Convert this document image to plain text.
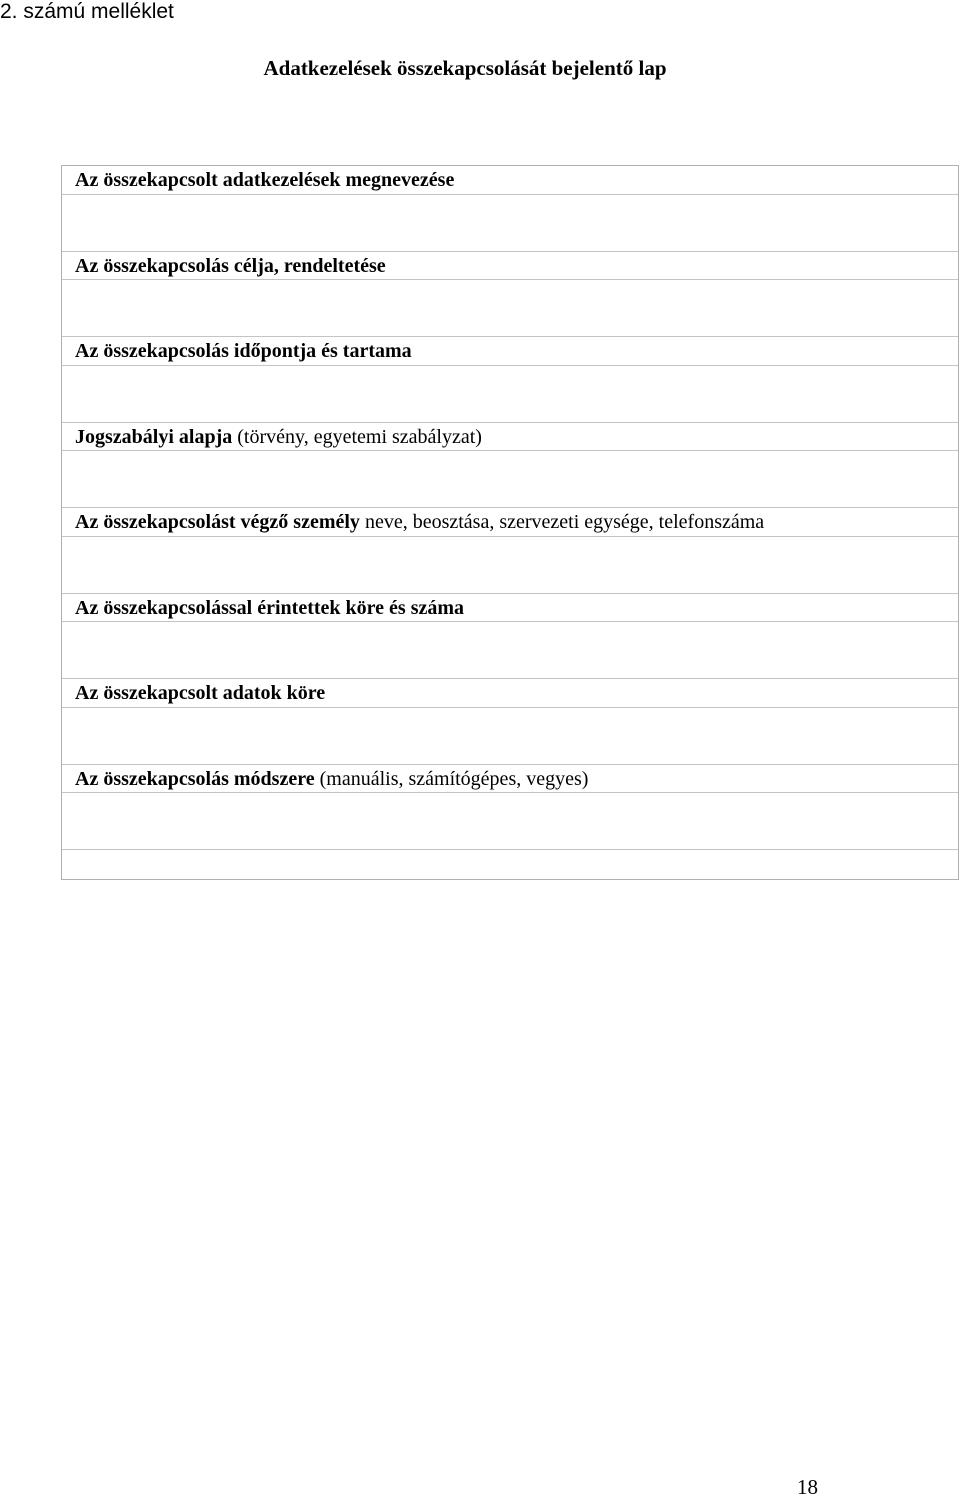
2. számú melléklet
Adatkezelések összekapcsolását bejelentő lap
Az összekapcsolt adatkezelések megnevezése
Az összekapcsolás célja, rendeltetése
Az összekapcsolás időpontja és tartama
Jogszabályi alapja (törvény, egyetemi szabályzat)
Az összekapcsolást végző személy neve, beosztása, szervezeti egysége, telefonszáma
Az összekapcsolással érintettek köre és száma
Az összekapcsolt adatok köre
Az összekapcsolás módszere (manuális, számítógépes, vegyes)
18
